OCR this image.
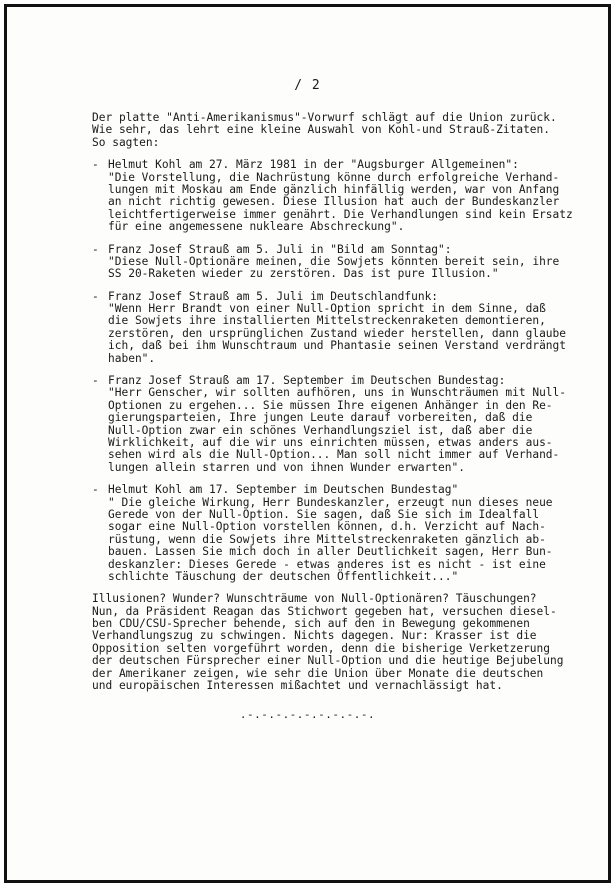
/ 2
Der platte "Anti-Amerikanismus"-Vorwurf schlägt auf die Union zurück.
Wie sehr, das lehrt eine kleine Auswahl von Kohl-und Strauß-Zitaten.
So sagten:
- Helmut Kohl am 27. März 1981 in der "Augsburger Allgemeinen":
"Die Vorstellung, die Nachrüstung könne durch erfolgreiche Verhand-
lungen mit Moskau am Ende gänzlich hinfällig werden, war von Anfang
an nicht richtig gewesen. Diese Illusion hat auch der Bundeskanzler
leichtfertigerweise immer genährt. Die Verhandlungen sind kein Ersatz
für eine angemessene nukleare Abschreckung".
- Franz Josef Strauß am 5. Juli in "Bild am Sonntag":
"Diese Null-Optionäre meinen, die Sowjets könnten bereit sein, ihre
SS 20-Raketen wieder zu zerstören. Das ist pure Illusion."
- Franz Josef Strauß am 5. Juli im Deutschlandfunk:
"Wenn Herr Brandt von einer Null-Option spricht in dem Sinne, daß
die Sowjets ihre installierten Mittelstreckenraketen demontieren,
zerstören, den ursprünglichen Zustand wieder herstellen, dann glaube
ich, daß bei ihm Wunschtraum und Phantasie seinen Verstand verdrängt
haben".
- Franz Josef Strauß am 17. September im Deutschen Bundestag:
"Herr Genscher, wir sollten aufhören, uns in Wunschträumen mit Null-
Optionen zu ergehen... Sie müssen Ihre eigenen Anhänger in den Re-
gierungsparteien, Ihre jungen Leute darauf vorbereiten, daß die
Null-Option zwar ein schönes Verhandlungsziel ist, daß aber die
Wirklichkeit, auf die wir uns einrichten müssen, etwas anders aus-
sehen wird als die Null-Option... Man soll nicht immer auf Verhand-
lungen allein starren und von ihnen Wunder erwarten".
- Helmut Kohl am 17. September im Deutschen Bundestag"
" Die gleiche Wirkung, Herr Bundeskanzler, erzeugt nun dieses neue
Gerede von der Null-Option. Sie sagen, daß Sie sich im Idealfall
sogar eine Null-Option vorstellen können, d.h. Verzicht auf Nach-
rüstung, wenn die Sowjets ihre Mittelstreckenraketen gänzlich ab-
bauen. Lassen Sie mich doch in aller Deutlichkeit sagen, Herr Bun-
deskanzler: Dieses Gerede - etwas anderes ist es nicht - ist eine
schlichte Täuschung der deutschen Öffentlichkeit..."
Illusionen? Wunder? Wunschträume von Null-Optionären? Täuschungen?
Nun, da Präsident Reagan das Stichwort gegeben hat, versuchen diesel-
ben CDU/CSU-Sprecher behende, sich auf den in Bewegung gekommenen
Verhandlungszug zu schwingen. Nichts dagegen. Nur: Krasser ist die
Opposition selten vorgeführt worden, denn die bisherige Verketzerung
der deutschen Fürsprecher einer Null-Option und die heutige Bejubelung
der Amerikaner zeigen, wie sehr die Union über Monate die deutschen
und europäischen Interessen mißachtet und vernachlässigt hat.
.-.-.-.-.-.-.-.-.-.
